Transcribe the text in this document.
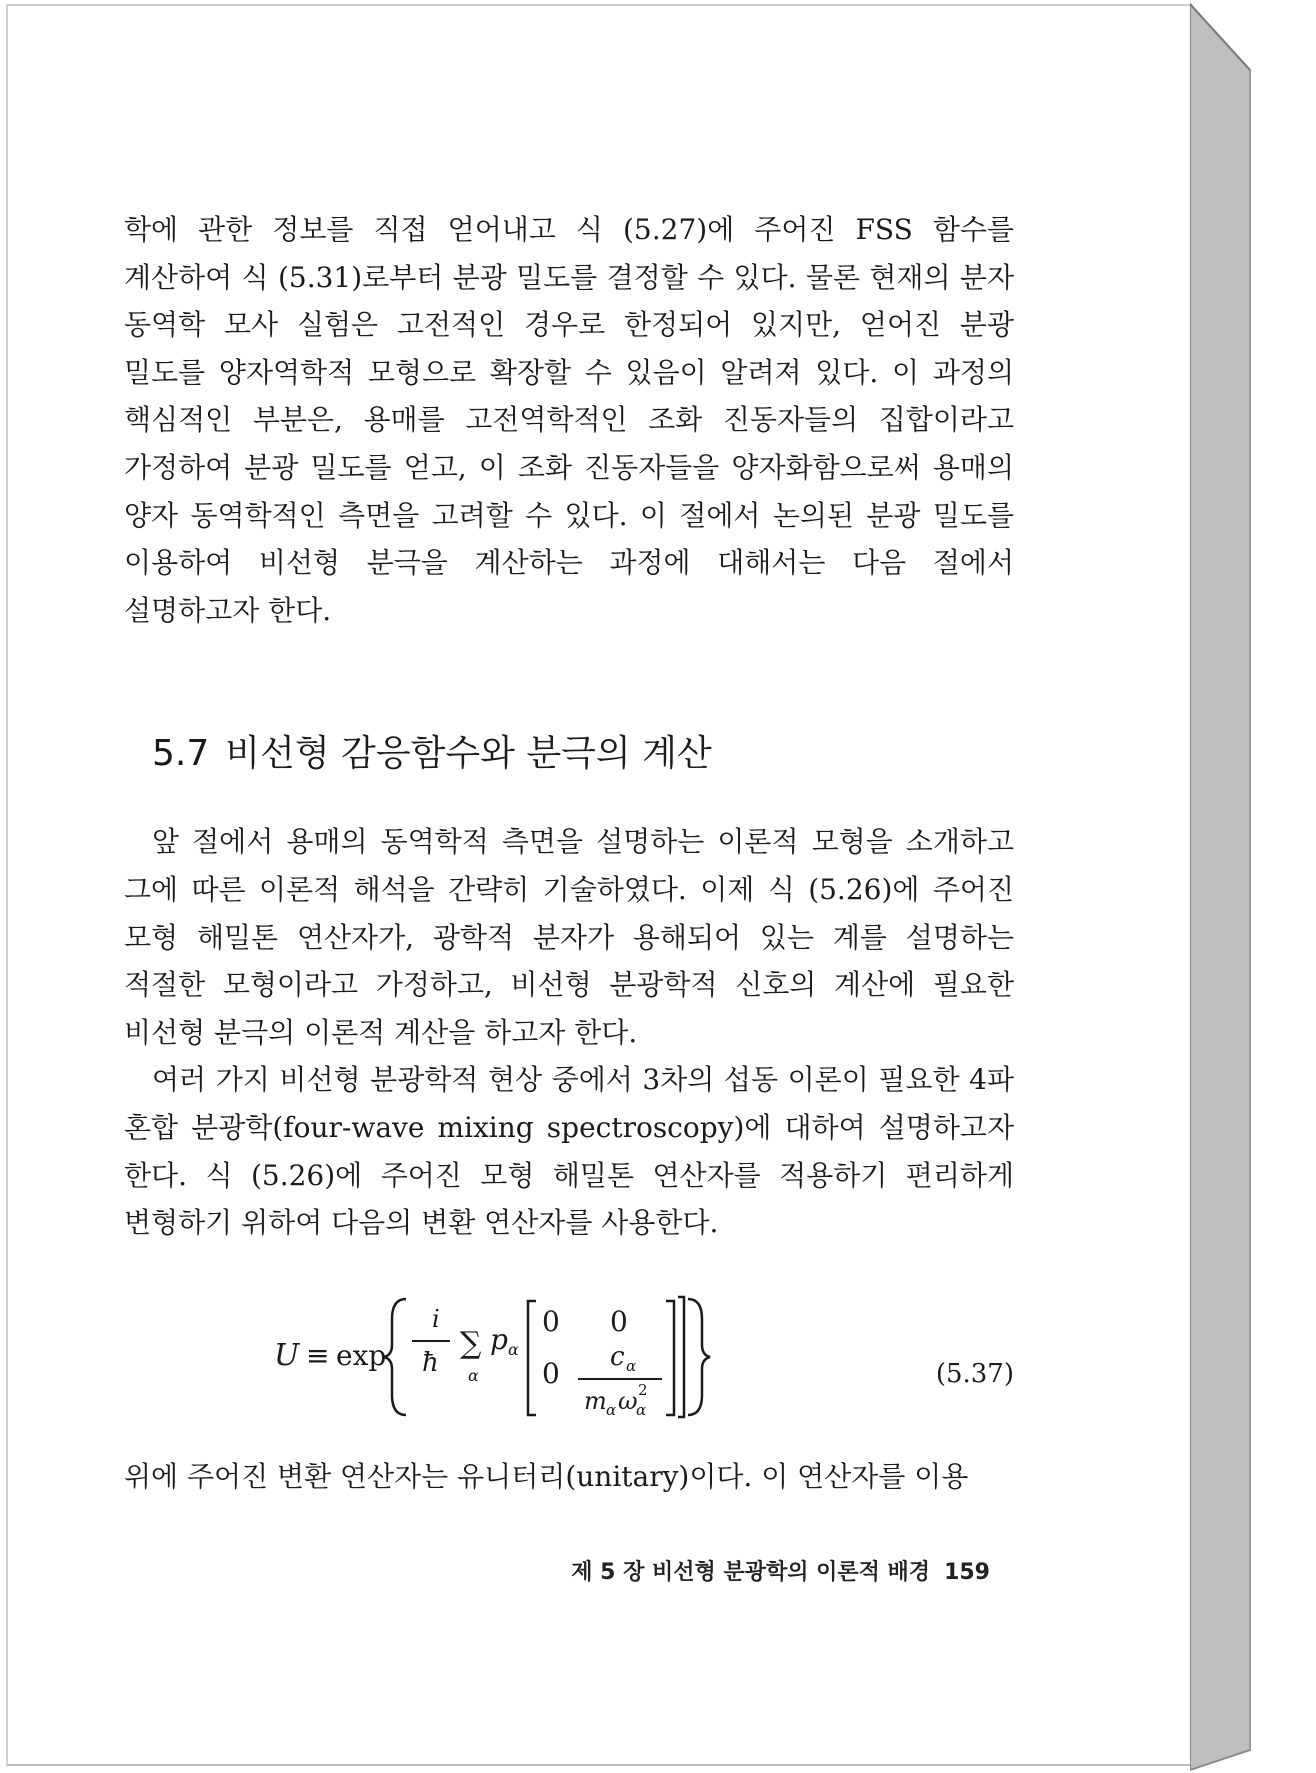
학에 관한 정보를 직접 얻어내고 식 (5.27)에 주어진 FSS 함수를 계산하여 식 (5.31)로부터 분광 밀도를 결정할 수 있다. 물론 현재의 분자 동역학 모사 실험은 고전적인 경우로 한정되어 있지만, 얻어진 분광 밀도를 양자역학적 모형으로 확장할 수 있음이 알려져 있다. 이 과정의 핵심적인 부분은, 용매를 고전역학적인 조화 진동자들의 집합이라고 가정하여 분광 밀도를 얻고, 이 조화 진동자들을 양자화함으로써 용매의 양자 동역학적인 측면을 고려할 수 있다. 이 절에서 논의된 분광 밀도를 이용하여 비선형 분극을 계산하는 과정에 대해서는 다음 절에서 설명하고자 한다.

5.7 비선형 감응함수와 분극의 계산

앞 절에서 용매의 동역학적 측면을 설명하는 이론적 모형을 소개하고 그에 따른 이론적 해석을 간략히 기술하였다. 이제 식 (5.26)에 주어진 모형 해밀톤 연산자가, 광학적 분자가 용해되어 있는 계를 설명하는 적절한 모형이라고 가정하고, 비선형 분광학적 신호의 계산에 필요한 비선형 분극의 이론적 계산을 하고자 한다.

여러 가지 비선형 분광학적 현상 중에서 3차의 섭동 이론이 필요한 4파 혼합 분광학(four-wave mixing spectroscopy)에 대하여 설명하고자 한다. 식 (5.26)에 주어진 모형 해밀톤 연산자를 적용하기 편리하게 변형하기 위하여 다음의 변환 연산자를 사용한다.

U ≡ exp
i
ħ
∑
α
p α
0 0
0 c α
m α ω
α
2
(5.37)

위에 주어진 변환 연산자는 유니터리(unitary)이다. 이 연산자를 이용

제 5 장 비선형 분광학의 이론적 배경 159
